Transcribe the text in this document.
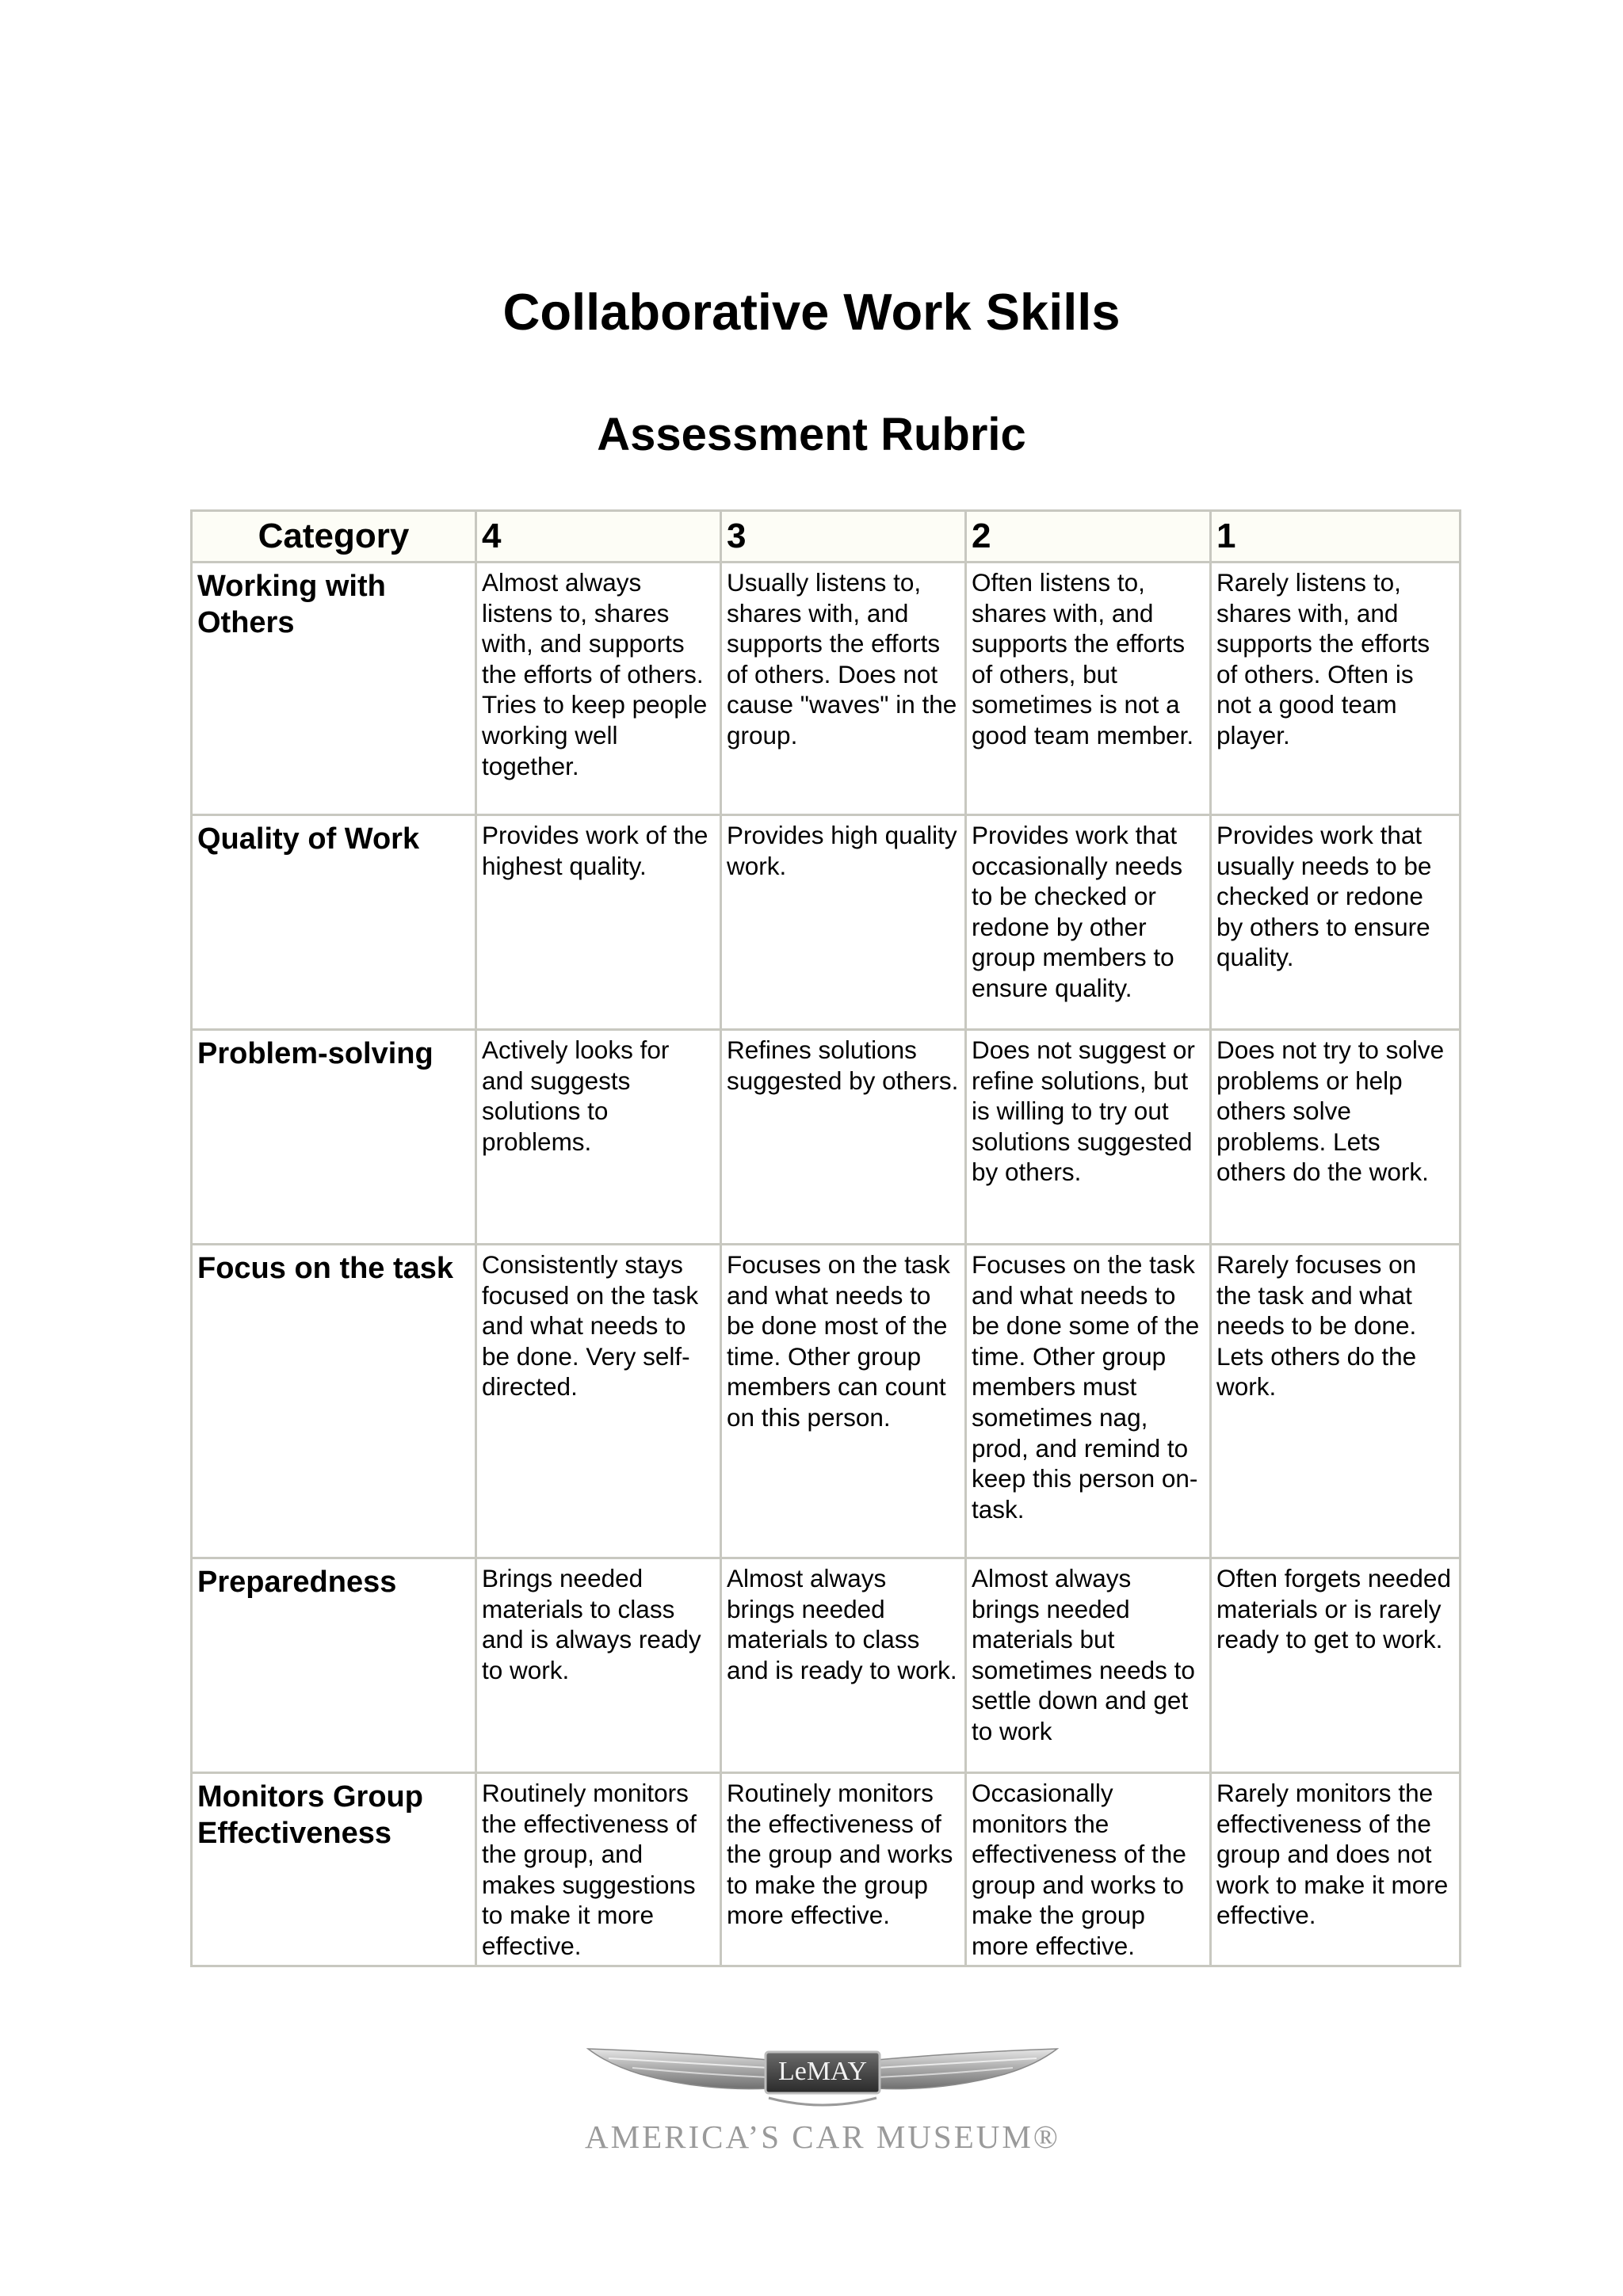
Collaborative Work Skills
Assessment Rubric
Category	4	3	2	1
Working with Others	Almost always listens to, shares with, and supports the efforts of others. Tries to keep people working well together.	Usually listens to, shares with, and supports the efforts of others. Does not cause "waves" in the group.	Often listens to, shares with, and supports the efforts of others, but sometimes is not a good team member.	Rarely listens to, shares with, and supports the efforts of others. Often is not a good team player.
Quality of Work	Provides work of the highest quality.	Provides high quality work.	Provides work that occasionally needs to be checked or redone by other group members to ensure quality.	Provides work that usually needs to be checked or redone by others to ensure quality.
Problem-solving	Actively looks for and suggests solutions to problems.	Refines solutions suggested by others.	Does not suggest or refine solutions, but is willing to try out solutions suggested by others.	Does not try to solve problems or help others solve problems. Lets others do the work.
Focus on the task	Consistently stays focused on the task and what needs to be done. Very self-directed.	Focuses on the task and what needs to be done most of the time. Other group members can count on this person.	Focuses on the task and what needs to be done some of the time. Other group members must sometimes nag, prod, and remind to keep this person on-task.	Rarely focuses on the task and what needs to be done. Lets others do the work.
Preparedness	Brings needed materials to class and is always ready to work.	Almost always brings needed materials to class and is ready to work.	Almost always brings needed materials but sometimes needs to settle down and get to work	Often forgets needed materials or is rarely ready to get to work.
Monitors Group Effectiveness	Routinely monitors the effectiveness of the group, and makes suggestions to make it more effective.	Routinely monitors the effectiveness of the group and works to make the group more effective.	Occasionally monitors the effectiveness of the group and works to make the group more effective.	Rarely monitors the effectiveness of the group and does not work to make it more effective.
LeMAY
AMERICA’S CAR MUSEUM®
